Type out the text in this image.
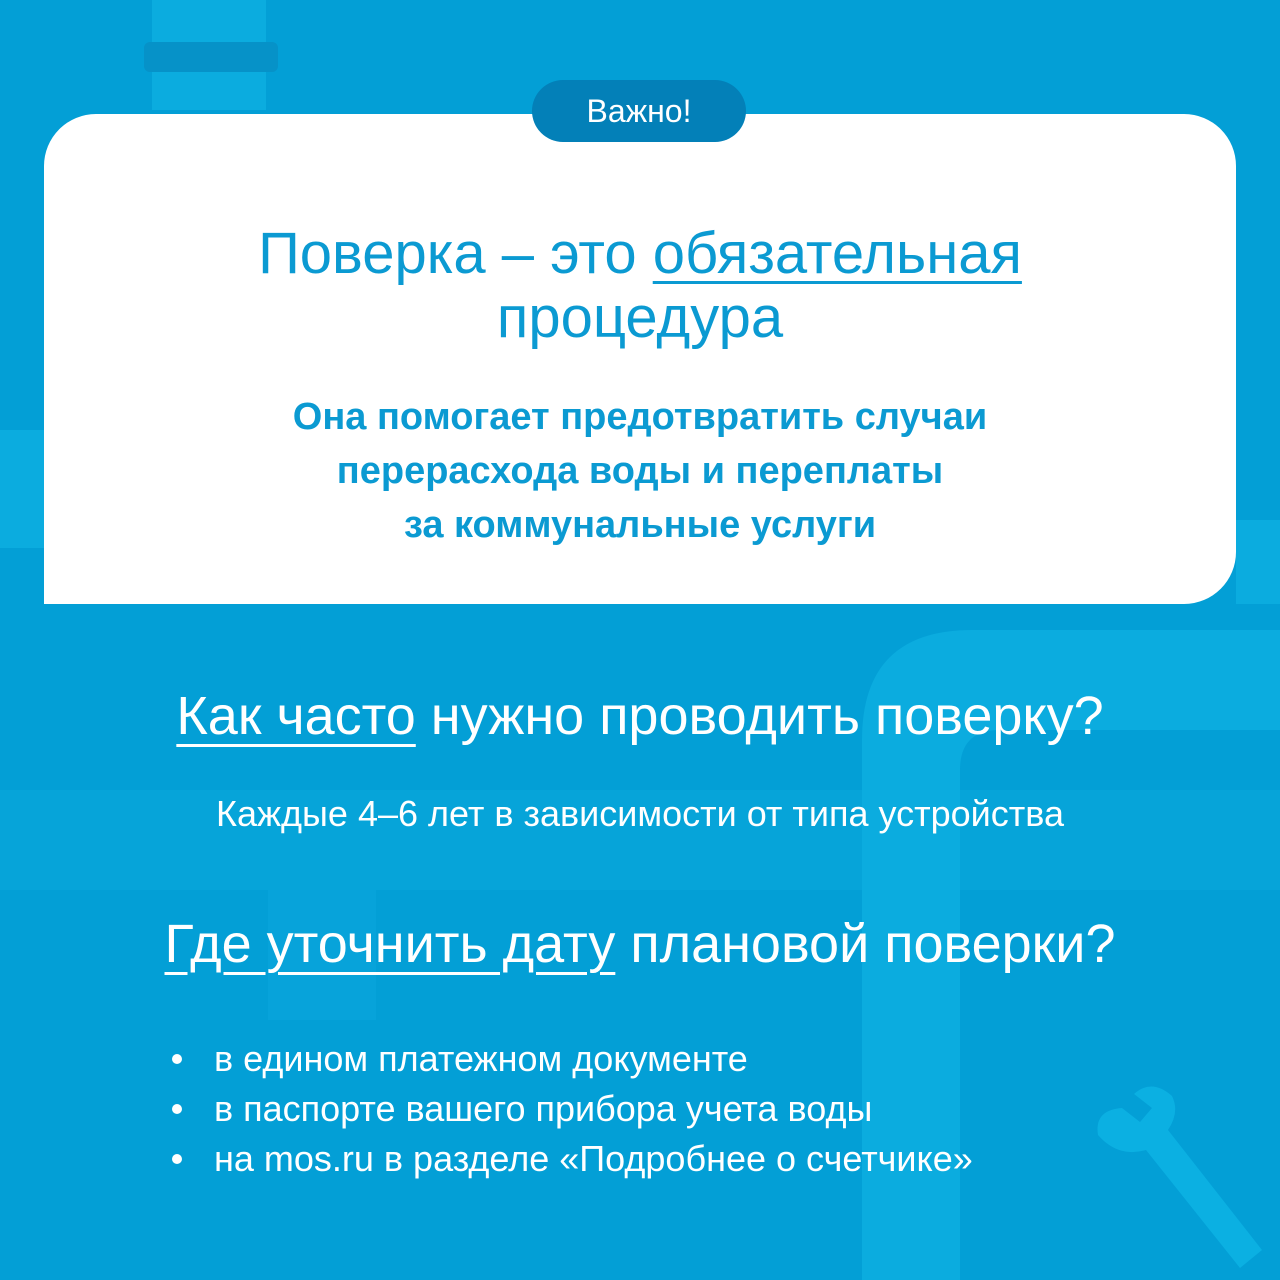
Важно!
Поверка – это обязательная
процедура
Она помогает предотвратить случаи
перерасхода воды и переплаты
за коммунальные услуги
Как часто нужно проводить поверку?
Каждые 4–6 лет в зависимости от типа устройства
Где уточнить дату плановой поверки?
в едином платежном документе
в паспорте вашего прибора учета воды
на mos.ru в разделе «Подробнее о счетчике»
